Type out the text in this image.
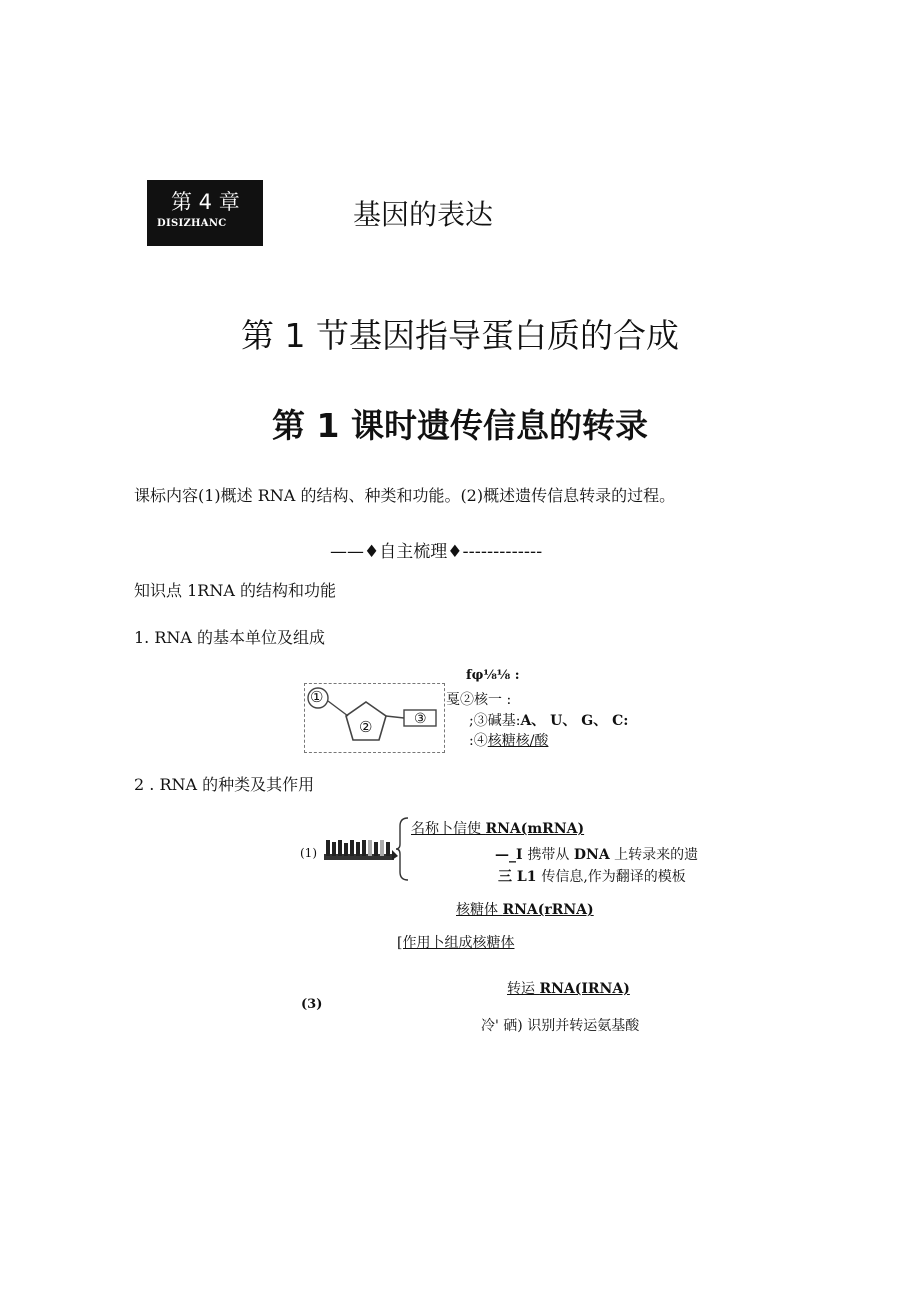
第 4 章
DISIZHANC	基因的表达
第 1 节基因指导蛋白质的合成
第 1 课时遗传信息的转录
课标内容(1)概述 RNA 的结构、种类和功能。(2)概述遗传信息转录的过程。
——♦自主梳理♦-------------
知识点 1RNA 的结构和功能
1. RNA 的基本单位及组成
①
②	③
fφ⅛⅛ :
戛②核一 :
;③碱基:A、 U、 G、 C:
:④核糖核/酸
2 . RNA 的种类及其作用
(1)
名称卜信使 RNA(mRNA)
—_I 携带从 DNA 上转录来的遗
三 L1 传信息,作为翻译的模板
核糖体 RNA(rRNA)
[作用卜组成核糖体
(3)
转运 RNA(IRNA)
冷' 硒) 识别并转运氨基酸
